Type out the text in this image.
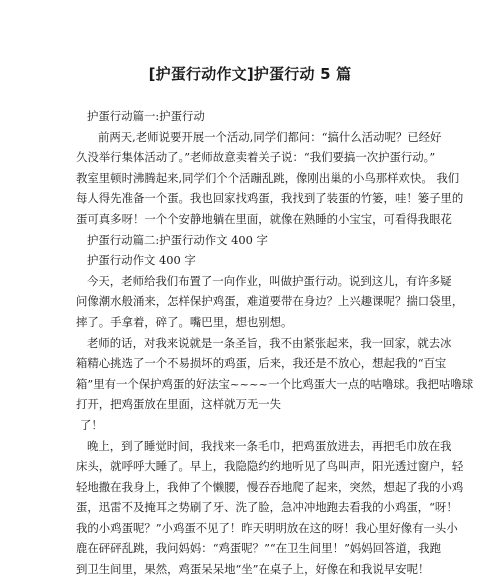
[护蛋行动作文]护蛋行动 5 篇
护蛋行动篇一:护蛋行动
前两天,老师说要开展一个活动,同学们都问：“搞什么活动呢？已经好
久没举行集体活动了。”老师故意卖着关子说：“我们要搞一次护蛋行动。”
教室里顿时沸腾起来,同学们个个活蹦乱跳，像刚出巢的小鸟那样欢快。 我们
每人得先准备一个蛋。我也回家找鸡蛋，我找到了装蛋的竹篓，哇！篓子里的
蛋可真多呀！一个个安静地躺在里面，就像在熟睡的小宝宝，可看得我眼花
护蛋行动篇二:护蛋行动作文 400 字
护蛋行动作文 400 字
今天，老师给我们布置了一向作业，叫做护蛋行动。说到这儿，有许多疑
问像潮水般涌来，怎样保护鸡蛋，难道要带在身边？上兴趣课呢？揣口袋里，
摔了。手拿着，碎了。嘴巴里，想也别想。
老师的话，对我来说就是一条圣旨，我不由紧张起来，我一回家，就去冰
箱精心挑选了一个不易损坏的鸡蛋，后来，我还是不放心，想起我的“百宝
箱”里有一个保护鸡蛋的好法宝~~~~一个比鸡蛋大一点的咕噜球。我把咕噜球
打开，把鸡蛋放在里面，这样就万无一失
了！
晚上，到了睡觉时间，我找来一条毛巾，把鸡蛋放进去，再把毛巾放在我
床头，就呼呼大睡了。早上，我隐隐约约地听见了鸟叫声，阳光透过窗户，轻
轻地撒在我身上，我伸了个懒腰，慢吞吞地爬了起来，突然，想起了我的小鸡
蛋，迅雷不及掩耳之势刷了牙、洗了脸，急冲冲地跑去看我的小鸡蛋，“呀！
我的小鸡蛋呢？”小鸡蛋不见了！昨天明明放在这的呀！我心里好像有一头小
鹿在砰砰乱跳，我问妈妈：“鸡蛋呢？”“在卫生间里！”妈妈回答道，我跑
到卫生间里，果然，鸡蛋呆呆地“坐”在桌子上，好像在和我说早安呢！
